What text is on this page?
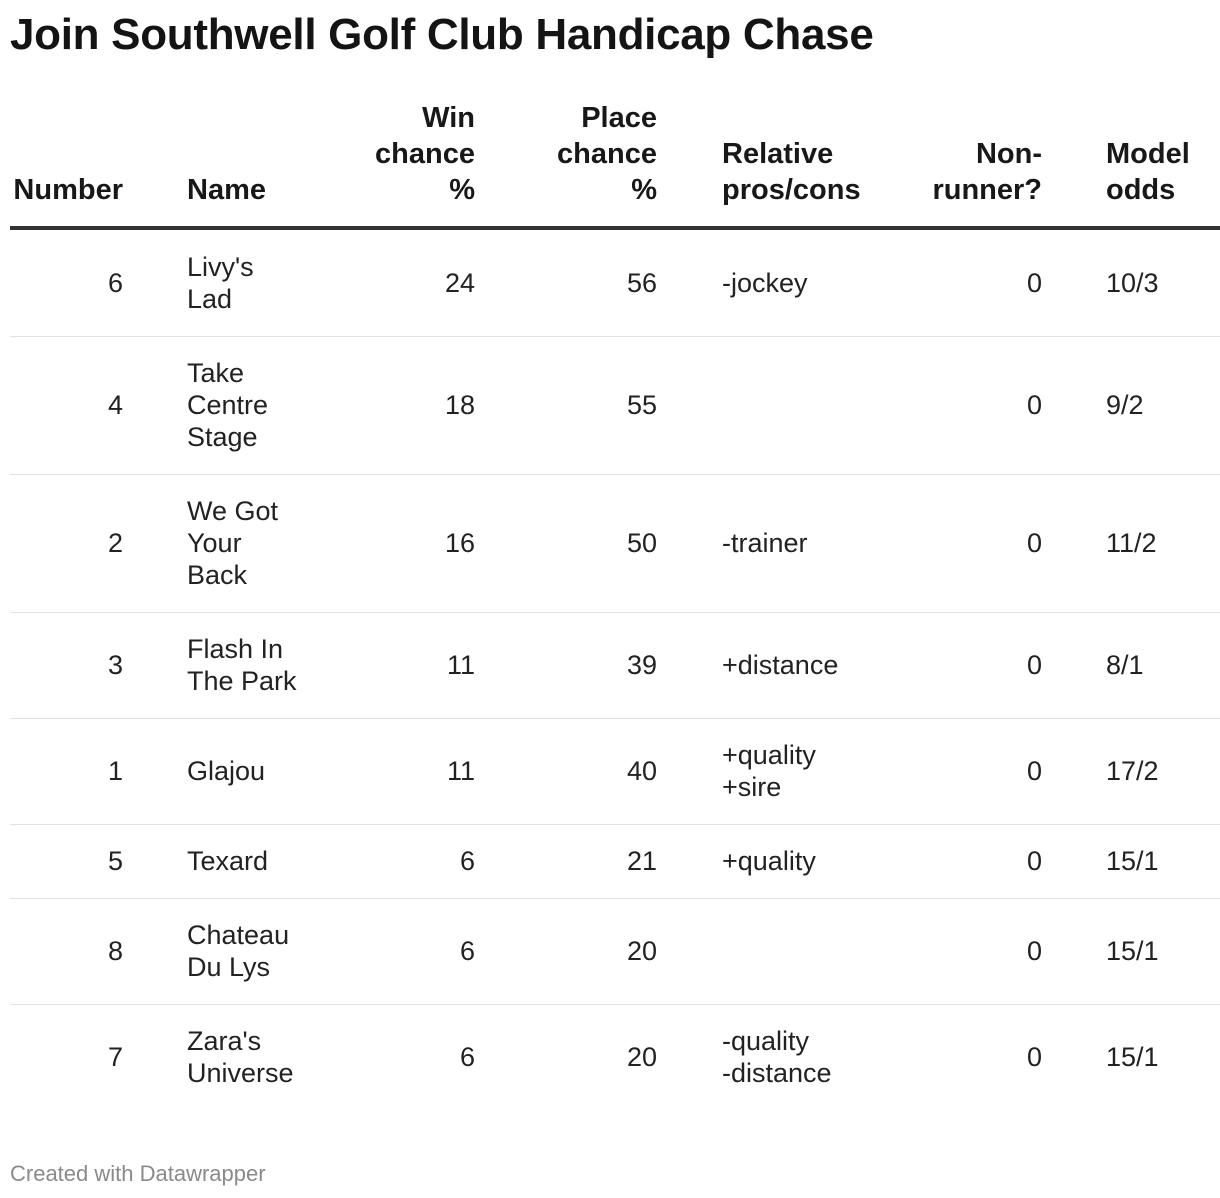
Join Southwell Golf Club Handicap Chase
Number	Name	Win
chance
%	Place
chance
%	Relative
pros/cons	Non-
runner?	Model
odds

6	Livy's
Lad	24	56	-jockey	0	10/3

4	Take
Centre
Stage	18	55		0	9/2

2	We Got
Your
Back	16	50	-trainer	0	11/2

3	Flash In
The Park	11	39	+distance	0	8/1

1	Glajou	11	40	+quality
+sire	0	17/2

5	Texard	6	21	+quality	0	15/1

8	Chateau
Du Lys	6	20		0	15/1

7	Zara's
Universe	6	20	-quality
-distance	0	15/1
Created with Datawrapper
